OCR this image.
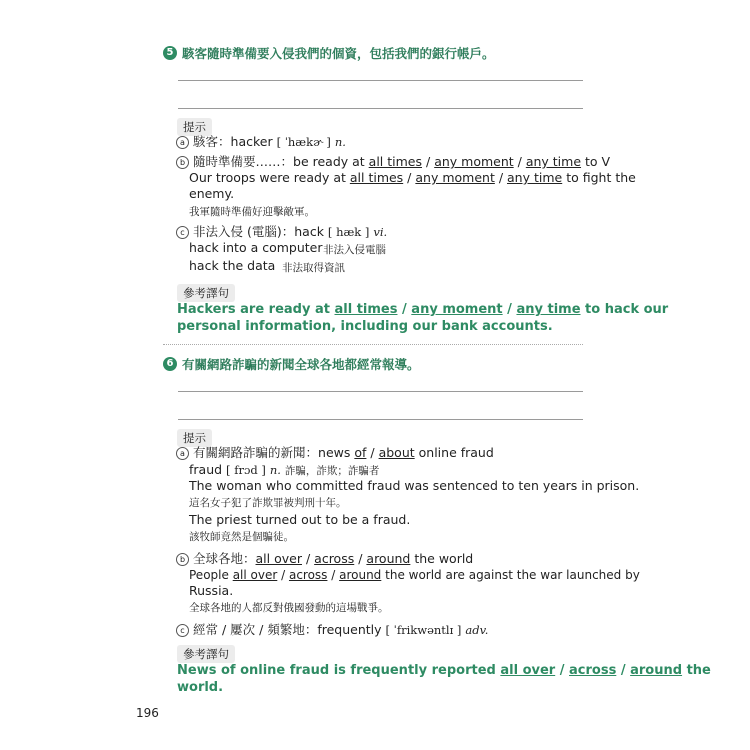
5 駭客隨時準備要入侵我們的個資，包括我們的銀行帳戶。
提示
a 駭客：hacker [ ˈhækɚ ] n.
b 隨時準備要……：be ready at all times / any moment / any time to V
Our troops were ready at all times / any moment / any time to fight the
enemy.
我軍隨時準備好迎擊敵軍。
c 非法入侵 (電腦)：hack [ hæk ] vi.
hack into a computer 非法入侵電腦
hack the data 非法取得資訊
參考譯句
Hackers are ready at all times / any moment / any time to hack our
personal information, including our bank accounts.
6 有關網路詐騙的新聞全球各地都經常報導。
提示
a 有關網路詐騙的新聞：news of / about online fraud
fraud [ frɔd ] n. 詐騙，詐欺；詐騙者
The woman who committed fraud was sentenced to ten years in prison.
這名女子犯了詐欺罪被判刑十年。
The priest turned out to be a fraud.
該牧師竟然是個騙徒。
b 全球各地：all over / across / around the world
People all over / across / around the world are against the war launched by
Russia.
全球各地的人都反對俄國發動的這場戰爭。
c 經常 / 屢次 / 頻繁地：frequently [ ˈfrikwəntlɪ ] adv.
參考譯句
News of online fraud is frequently reported all over / across / around the
world.
196
